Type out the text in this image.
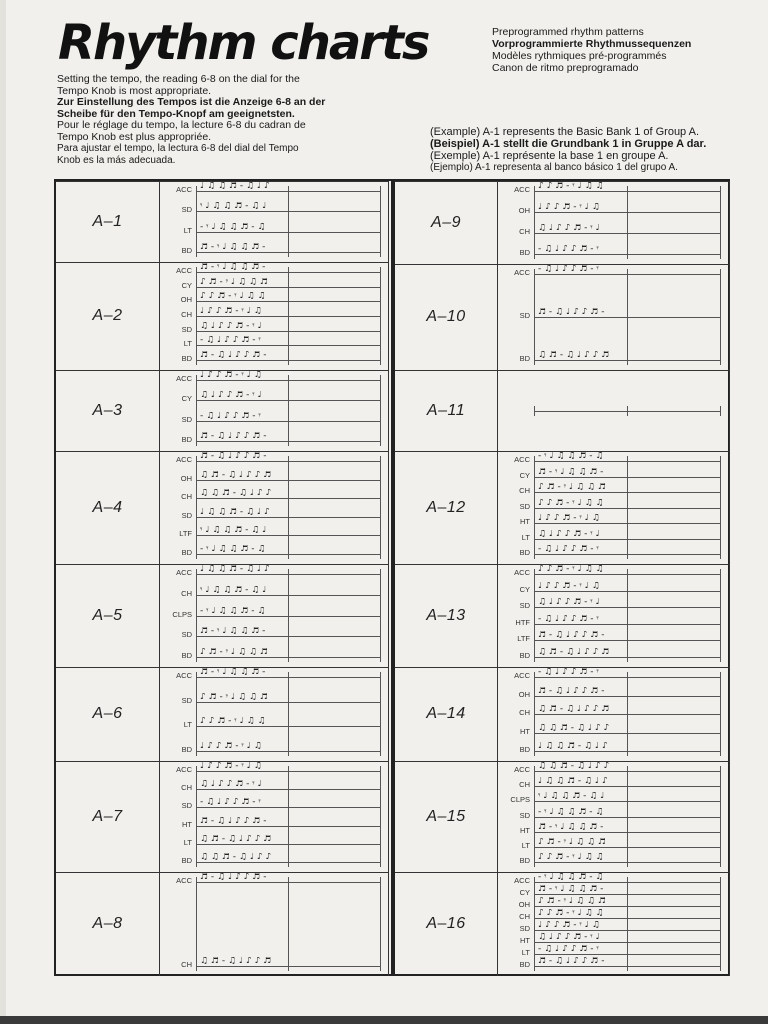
Rhythm charts	Preprogrammed rhythm patterns
Vorprogrammierte Rhythmussequenzen
Modèles rythmiques pré-programmés
Canon de ritmo preprogramado
Setting the tempo, the reading 6-8 on the dial for the
Tempo Knob is most appropriate.
Zur Einstellung des Tempos ist die Anzeige 6-8 an der
Scheibe für den Tempo-Knopf am geeignetsten.
Pour le réglage du tempo, la lecture 6-8 du cadran de
Tempo Knob est plus appropriée.
Para ajustar el tempo, la lectura 6-8 del dial del Tempo
Knob es la más adecuada.
(Example) A-1 represents the Basic Bank 1 of Group A.
(Beispiel) A-1 stellt die Grundbank 1 in Gruppe A dar.
(Exemple) A-1 représente la base 1 en groupe A.
(Ejemplo) A-1 representa al banco básico 1 del grupo A.
A–1
ACC ♩ ♫ ♫ ♬ - ♫ ♩ ♪
SD 𝄾 ♩ ♫ ♫ ♬ - ♫ ♩
LT - 𝄾 ♩ ♫ ♫ ♬ - ♫
BD ♬ - 𝄾 ♩ ♫ ♫ ♬ -
A–2
ACC ♬ - 𝄾 ♩ ♫ ♫ ♬ -
CY ♪ ♬ - 𝄾 ♩ ♫ ♫ ♬
OH ♪ ♪ ♬ - 𝄾 ♩ ♫ ♫
CH ♩ ♪ ♪ ♬ - 𝄾 ♩ ♫
SD ♫ ♩ ♪ ♪ ♬ - 𝄾 ♩
LT - ♫ ♩ ♪ ♪ ♬ - 𝄾
BD ♬ - ♫ ♩ ♪ ♪ ♬ -
A–3
ACC ♩ ♪ ♪ ♬ - 𝄾 ♩ ♫
CY ♫ ♩ ♪ ♪ ♬ - 𝄾 ♩
SD - ♫ ♩ ♪ ♪ ♬ - 𝄾
BD ♬ - ♫ ♩ ♪ ♪ ♬ -
A–4
ACC ♬ - ♫ ♩ ♪ ♪ ♬ -
OH ♫ ♬ - ♫ ♩ ♪ ♪ ♬
CH ♫ ♫ ♬ - ♫ ♩ ♪ ♪
SD ♩ ♫ ♫ ♬ - ♫ ♩ ♪
LTF 𝄾 ♩ ♫ ♫ ♬ - ♫ ♩
BD - 𝄾 ♩ ♫ ♫ ♬ - ♫
A–5
ACC ♩ ♫ ♫ ♬ - ♫ ♩ ♪
CH 𝄾 ♩ ♫ ♫ ♬ - ♫ ♩
CLPS - 𝄾 ♩ ♫ ♫ ♬ - ♫
SD ♬ - 𝄾 ♩ ♫ ♫ ♬ -
BD ♪ ♬ - 𝄾 ♩ ♫ ♫ ♬
A–6
ACC ♬ - 𝄾 ♩ ♫ ♫ ♬ -
SD ♪ ♬ - 𝄾 ♩ ♫ ♫ ♬
LT ♪ ♪ ♬ - 𝄾 ♩ ♫ ♫
BD ♩ ♪ ♪ ♬ - 𝄾 ♩ ♫
A–7
ACC ♩ ♪ ♪ ♬ - 𝄾 ♩ ♫
CH ♫ ♩ ♪ ♪ ♬ - 𝄾 ♩
SD - ♫ ♩ ♪ ♪ ♬ - 𝄾
HT ♬ - ♫ ♩ ♪ ♪ ♬ -
LT ♫ ♬ - ♫ ♩ ♪ ♪ ♬
BD ♫ ♫ ♬ - ♫ ♩ ♪ ♪
A–8
ACC ♬ - ♫ ♩ ♪ ♪ ♬ -
CH ♫ ♬ - ♫ ♩ ♪ ♪ ♬
A–9
ACC ♪ ♪ ♬ - 𝄾 ♩ ♫ ♫
OH ♩ ♪ ♪ ♬ - 𝄾 ♩ ♫
CH ♫ ♩ ♪ ♪ ♬ - 𝄾 ♩
BD - ♫ ♩ ♪ ♪ ♬ - 𝄾
A–10
ACC - ♫ ♩ ♪ ♪ ♬ - 𝄾
SD ♬ - ♫ ♩ ♪ ♪ ♬ -
BD ♫ ♬ - ♫ ♩ ♪ ♪ ♬
A–11
A–12
ACC - 𝄾 ♩ ♫ ♫ ♬ - ♫
CY ♬ - 𝄾 ♩ ♫ ♫ ♬ -
CH ♪ ♬ - 𝄾 ♩ ♫ ♫ ♬
SD ♪ ♪ ♬ - 𝄾 ♩ ♫ ♫
HT ♩ ♪ ♪ ♬ - 𝄾 ♩ ♫
LT ♫ ♩ ♪ ♪ ♬ - 𝄾 ♩
BD - ♫ ♩ ♪ ♪ ♬ - 𝄾
A–13
ACC ♪ ♪ ♬ - 𝄾 ♩ ♫ ♫
CY ♩ ♪ ♪ ♬ - 𝄾 ♩ ♫
SD ♫ ♩ ♪ ♪ ♬ - 𝄾 ♩
HTF - ♫ ♩ ♪ ♪ ♬ - 𝄾
LTF ♬ - ♫ ♩ ♪ ♪ ♬ -
BD ♫ ♬ - ♫ ♩ ♪ ♪ ♬
A–14
ACC - ♫ ♩ ♪ ♪ ♬ - 𝄾
OH ♬ - ♫ ♩ ♪ ♪ ♬ -
CH ♫ ♬ - ♫ ♩ ♪ ♪ ♬
HT ♫ ♫ ♬ - ♫ ♩ ♪ ♪
BD ♩ ♫ ♫ ♬ - ♫ ♩ ♪
A–15
ACC ♫ ♫ ♬ - ♫ ♩ ♪ ♪
CH ♩ ♫ ♫ ♬ - ♫ ♩ ♪
CLPS 𝄾 ♩ ♫ ♫ ♬ - ♫ ♩
SD - 𝄾 ♩ ♫ ♫ ♬ - ♫
HT ♬ - 𝄾 ♩ ♫ ♫ ♬ -
LT ♪ ♬ - 𝄾 ♩ ♫ ♫ ♬
BD ♪ ♪ ♬ - 𝄾 ♩ ♫ ♫
A–16
ACC - 𝄾 ♩ ♫ ♫ ♬ - ♫
CY ♬ - 𝄾 ♩ ♫ ♫ ♬ -
OH ♪ ♬ - 𝄾 ♩ ♫ ♫ ♬
CH ♪ ♪ ♬ - 𝄾 ♩ ♫ ♫
SD ♩ ♪ ♪ ♬ - 𝄾 ♩ ♫
HT ♫ ♩ ♪ ♪ ♬ - 𝄾 ♩
LT - ♫ ♩ ♪ ♪ ♬ - 𝄾
BD ♬ - ♫ ♩ ♪ ♪ ♬ -
